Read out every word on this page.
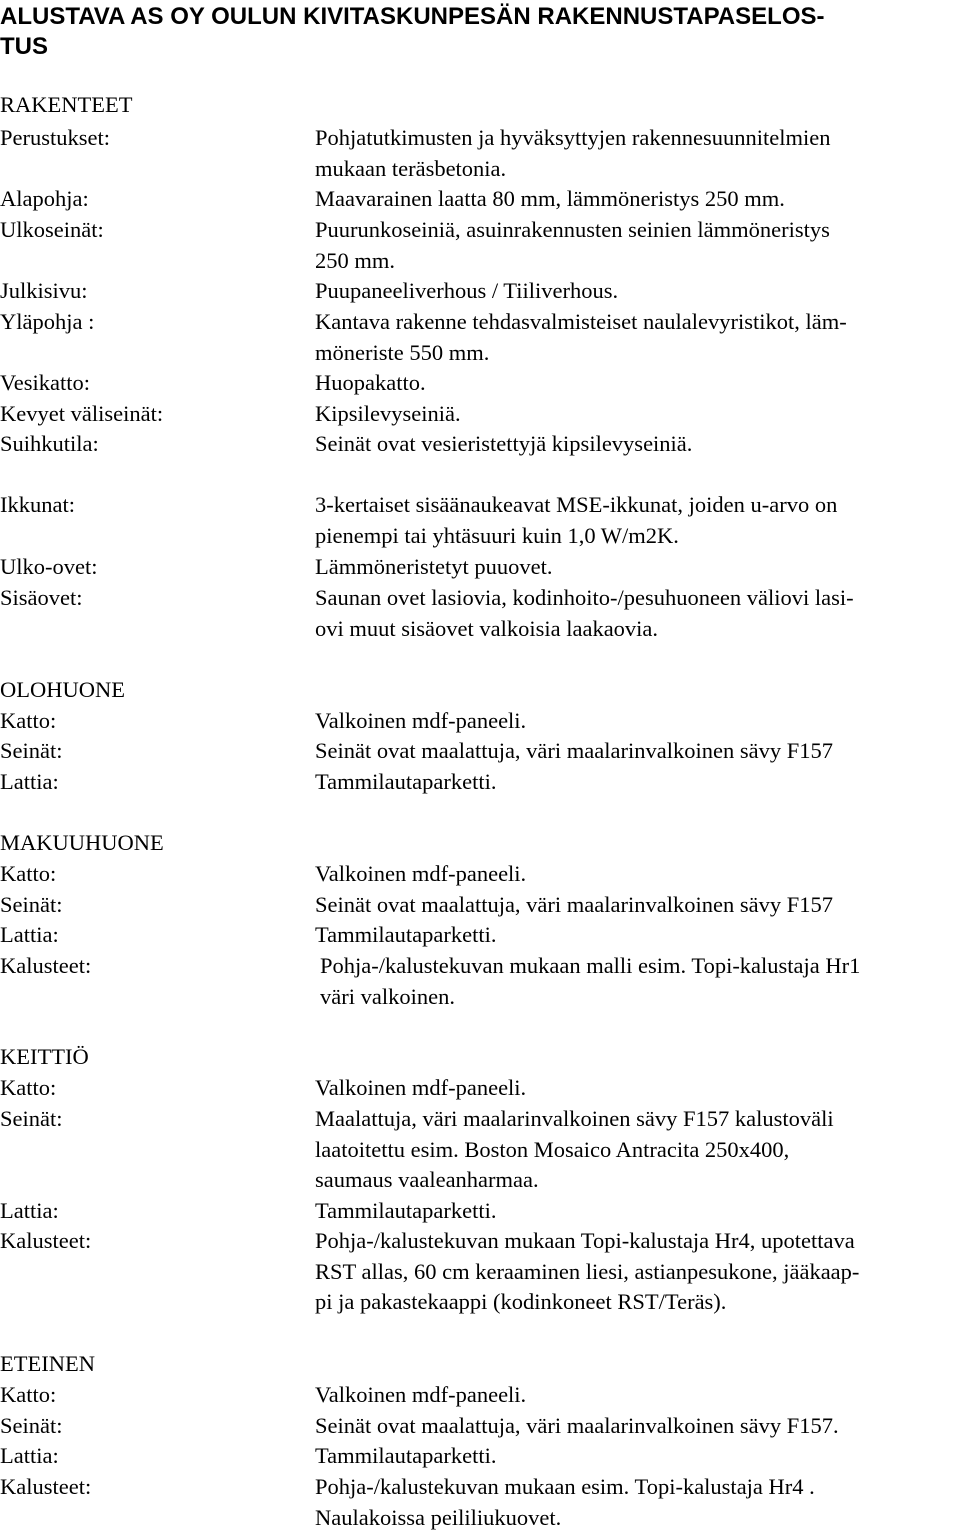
ALUSTAVA AS OY OULUN KIVITASKUNPESÄN RAKENNUSTAPASELOS-
TUS
RAKENTEET
Perustukset:	Pohjatutkimusten ja hyväksyttyjen rakennesuunnitelmien
mukaan teräsbetonia.
Alapohja:	Maavarainen laatta 80 mm, lämmöneristys 250 mm.
Ulkoseinät:	Puurunkoseiniä, asuinrakennusten seinien lämmöneristys
250 mm.
Julkisivu:	Puupaneeliverhous / Tiiliverhous.
Yläpohja :	Kantava rakenne tehdasvalmisteiset naulalevyristikot, läm-
möneriste 550 mm.
Vesikatto:	Huopakatto.
Kevyet väliseinät:	Kipsilevyseiniä.
Suihkutila:	Seinät ovat vesieristettyjä kipsilevyseiniä.
Ikkunat:	3-kertaiset sisäänaukeavat MSE-ikkunat, joiden u-arvo on
pienempi tai yhtäsuuri kuin 1,0 W/m2K.
Ulko-ovet:	Lämmöneristetyt puuovet.
Sisäovet:	Saunan ovet lasiovia, kodinhoito-/pesuhuoneen väliovi lasi-
ovi muut sisäovet valkoisia laakaovia.
OLOHUONE
Katto:	Valkoinen mdf-paneeli.
Seinät:	Seinät ovat maalattuja, väri maalarinvalkoinen sävy F157
Lattia:	Tammilautaparketti.
MAKUUHUONE
Katto:	Valkoinen mdf-paneeli.
Seinät:	Seinät ovat maalattuja, väri maalarinvalkoinen sävy F157
Lattia:	Tammilautaparketti.
Kalusteet:	Pohja-/kalustekuvan mukaan malli esim. Topi-kalustaja Hr1
väri valkoinen.
KEITTIÖ
Katto:	Valkoinen mdf-paneeli.
Seinät:	Maalattuja, väri maalarinvalkoinen sävy F157 kalustoväli
laatoitettu esim. Boston Mosaico Antracita 250x400,
saumaus vaaleanharmaa.
Lattia:	Tammilautaparketti.
Kalusteet:	Pohja-/kalustekuvan mukaan Topi-kalustaja Hr4, upotettava
RST allas, 60 cm keraaminen liesi, astianpesukone, jääkaap-
pi ja pakastekaappi (kodinkoneet RST/Teräs).
ETEINEN
Katto:	Valkoinen mdf-paneeli.
Seinät:	Seinät ovat maalattuja, väri maalarinvalkoinen sävy F157.
Lattia:	Tammilautaparketti.
Kalusteet:	Pohja-/kalustekuvan mukaan esim. Topi-kalustaja Hr4 .
Naulakoissa peililiukuovet.
